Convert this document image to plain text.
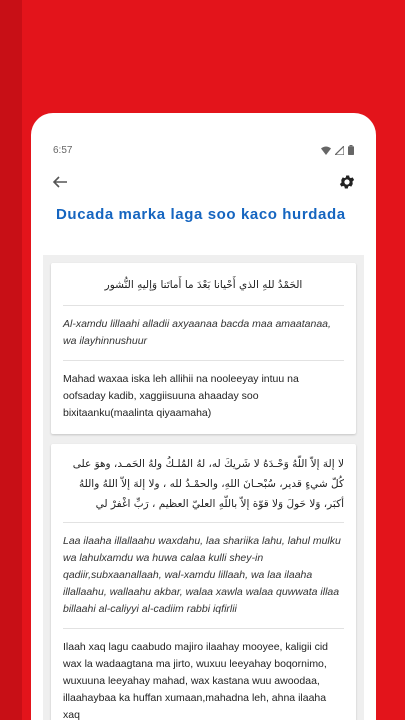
6:57
Ducada marka laga soo kaco hurdada
الحَمْدُ للهِ الذي أَحْيانا بَعْدَ ما أَماتَنا وَإليهِ النُّشور
Al-xamdu lillaahi alladii axyaanaa bacda maa amaatanaa, wa ilayhinnushuur
Mahad waxaa iska leh allihii na nooleeyay intuu na oofsaday kadib, xaggiisuuna ahaaday soo bixitaanku(maalinta qiyaamaha)
لا إلهَ إلاّ اللّهُ وَحْـدَهُ لا شَريكَ له، لهُ المُلـكُ ولهُ الحَمـد، وهوَ على كُلّ شيءٍ قدير، سُبْحـانَ اللهِ، والحمْـدُ لله ، ولا إلهَ إلاّ اللهُ واللهُ أكبَر، وَلا حَولَ وَلا قوّة إلاّ باللّهِ العليّ العظيم ، رَبِّ اغْفرْ لي
Laa ilaaha illallaahu waxdahu, laa shariika lahu, lahul mulku wa lahulxamdu wa huwa calaa kulli shey-in qadiir,subxaanallaah, wal-xamdu lillaah, wa laa ilaaha illallaahu, wallaahu akbar, walaa xawla walaa quwwata illaa billaahi al-caliyyi al-cadiim rabbi iqfirlii
Ilaah xaq lagu caabudo majiro ilaahay mooyee, kaligii cid wax la wadaagtana ma jirto, wuxuu leeyahay boqornimo, wuxuuna leeyahay mahad, wax kastana wuu awoodaa, illaahaybaa ka huffan xumaan,mahadna leh, ahna ilaaha xaq
